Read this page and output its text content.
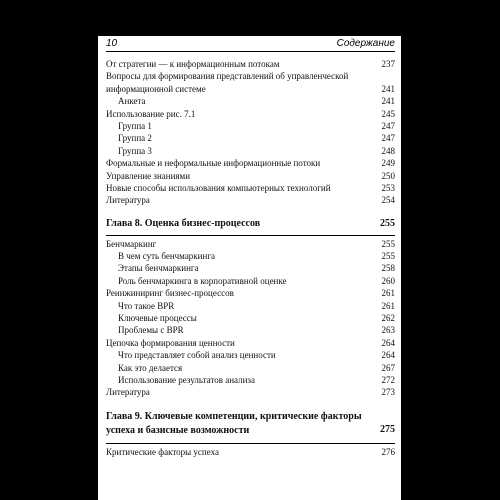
10	Содержание
От стратегии — к информационным потокам	237
Вопросы для формирования представлений об управленческой
информационной системе	241
Анкета	241
Использование рис. 7.1	245
Группа 1	247
Группа 2	247
Группа 3	248
Формальные и неформальные информационные потоки	249
Управление знаниями	250
Новые способы использования компьютерных технологий	253
Литература	254
Глава 8. Оценка бизнес-процессов	255
Бенчмаркинг	255
В чем суть бенчмаркинга	255
Этапы бенчмаркинга	258
Роль бенчмаркинга в корпоративной оценке	260
Реинжиниринг бизнес-процессов	261
Что такое BPR	261
Ключевые процессы	262
Проблемы с BPR	263
Цепочка формирования ценности	264
Что представляет собой анализ ценности	264
Как это делается	267
Использование результатов анализа	272
Литература	273
Глава 9. Ключевые компетенции, критические факторы
успеха и базисные возможности	275
Критические факторы успеха	276
